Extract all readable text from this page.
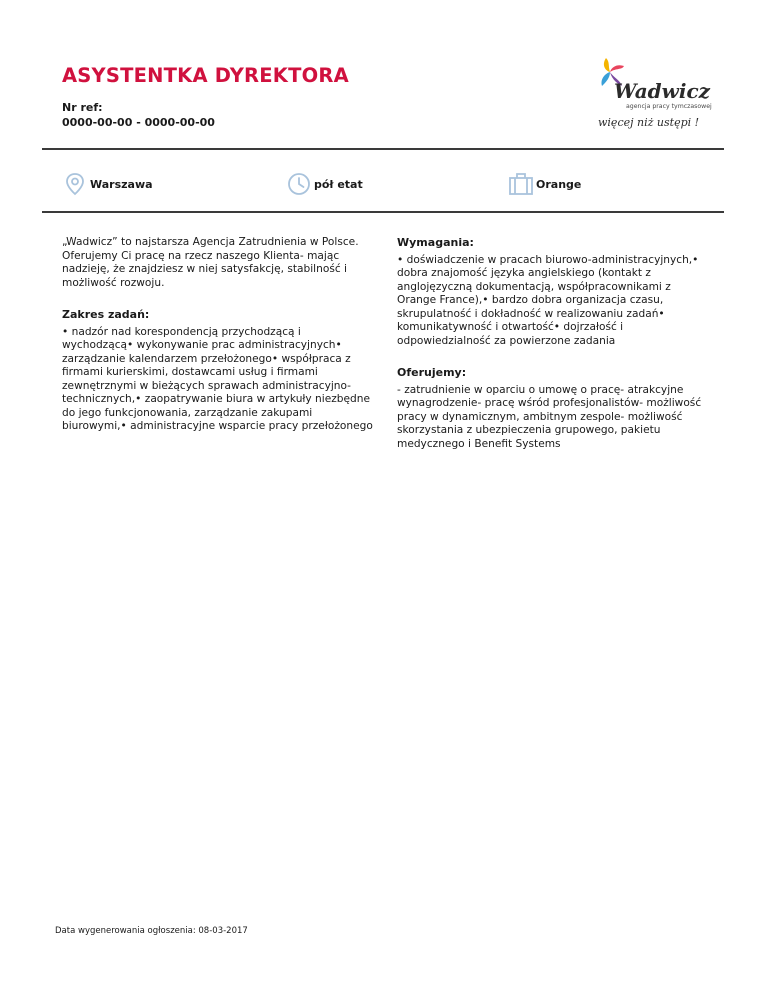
ASYSTENTKA DYREKTORA
Nr ref:
0000-00-00 - 0000-00-00
Wadwicz
agencja pracy tymczasowej
więcej niż ustępi !
Warszawa	pół etat	Orange

„Wadwicz” to najstarsza Agencja Zatrudnienia w Polsce. Oferujemy Ci pracę na rzecz naszego Klienta- mając nadzieję, że znajdziesz w niej satysfakcję, stabilność i możliwość rozwoju.

Zakres zadań:

• nadzór nad korespondencją przychodzącą i wychodzącą• wykonywanie prac administracyjnych• zarządzanie kalendarzem przełożonego• współpraca z firmami kurierskimi, dostawcami usług i firmami zewnętrznymi w bieżących sprawach administracyjno-technicznych,• zaopatrywanie biura w artykuły niezbędne do jego funkcjonowania, zarządzanie zakupami biurowymi,• administracyjne wsparcie pracy przełożonego

Wymagania:

• doświadczenie w pracach biurowo-administracyjnych,• dobra znajomość języka angielskiego (kontakt z anglojęzyczną dokumentacją, współpracownikami z Orange France),• bardzo dobra organizacja czasu, skrupulatność i dokładność w realizowaniu zadań• komunikatywność i otwartość• dojrzałość i odpowiedzialność za powierzone zadania

Oferujemy:

- zatrudnienie w oparciu o umowę o pracę- atrakcyjne wynagrodzenie- pracę wśród profesjonalistów- możliwość pracy w dynamicznym, ambitnym zespole- możliwość skorzystania z ubezpieczenia grupowego, pakietu medycznego i Benefit Systems

Data wygenerowania ogłoszenia: 08-03-2017
